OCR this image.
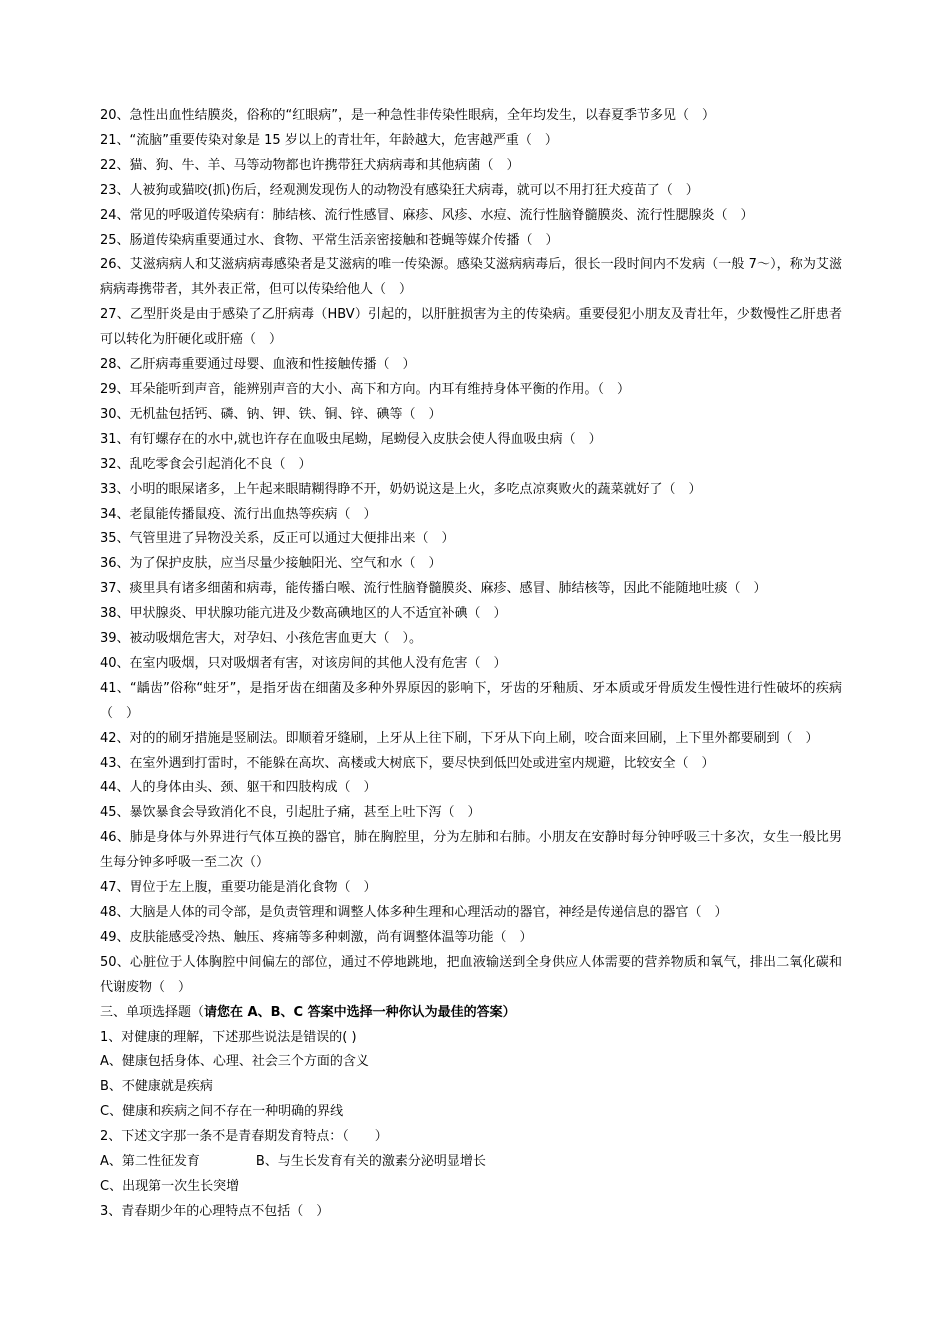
20、急性出血性结膜炎，俗称的“红眼病”，是一种急性非传染性眼病，全年均发生，以春夏季节多见（　）
21、“流脑”重要传染对象是 15 岁以上的青壮年，年龄越大，危害越严重（　）
22、猫、狗、牛、羊、马等动物都也许携带狂犬病病毒和其他病菌（　）
23、人被狗或猫咬(抓)伤后，经观测发现伤人的动物没有感染狂犬病毒，就可以不用打狂犬疫苗了（　）
24、常见的呼吸道传染病有：肺结核、流行性感冒、麻疹、风疹、水痘、流行性脑脊髓膜炎、流行性腮腺炎（　）
25、肠道传染病重要通过水、食物、平常生活亲密接触和苍蝇等媒介传播（　）
26、艾滋病病人和艾滋病病毒感染者是艾滋病的唯一传染源。感染艾滋病病毒后，很长一段时间内不发病（一般 7～），称为艾滋病病毒携带者，其外表正常，但可以传染给他人（　）
27、乙型肝炎是由于感染了乙肝病毒（HBV）引起的，以肝脏损害为主的传染病。重要侵犯小朋友及青壮年，少数慢性乙肝患者可以转化为肝硬化或肝癌（　）
28、乙肝病毒重要通过母婴、血液和性接触传播（　）
29、耳朵能听到声音，能辨别声音的大小、高下和方向。内耳有维持身体平衡的作用。（　）
30、无机盐包括钙、磷、钠、钾、铁、铜、锌、碘等（　）
31、有钉螺存在的水中,就也许存在血吸虫尾蚴，尾蚴侵入皮肤会使人得血吸虫病（　）
32、乱吃零食会引起消化不良（　）
33、小明的眼屎诸多，上午起来眼睛糊得睁不开，奶奶说这是上火，多吃点凉爽败火的蔬菜就好了（　）
34、老鼠能传播鼠疫、流行出血热等疾病（　）
35、气管里进了异物没关系，反正可以通过大便排出来（　）
36、为了保护皮肤，应当尽量少接触阳光、空气和水（　）
37、痰里具有诸多细菌和病毒，能传播白喉、流行性脑脊髓膜炎、麻疹、感冒、肺结核等，因此不能随地吐痰（　）
38、甲状腺炎、甲状腺功能亢进及少数高碘地区的人不适宜补碘（　）
39、被动吸烟危害大，对孕妇、小孩危害血更大（　）。
40、在室内吸烟，只对吸烟者有害，对该房间的其他人没有危害（　）
41、“龋齿”俗称“蛀牙”，是指牙齿在细菌及多种外界原因的影响下，牙齿的牙釉质、牙本质或牙骨质发生慢性进行性破坏的疾病（　）
42、对的的刷牙措施是竖刷法。即顺着牙缝刷，上牙从上往下刷，下牙从下向上刷，咬合面来回刷，上下里外都要刷到（　）
43、在室外遇到打雷时，不能躲在高坎、高楼或大树底下，要尽快到低凹处或进室内规避，比较安全（　）
44、人的身体由头、颈、躯干和四肢构成（　）
45、暴饮暴食会导致消化不良，引起肚子痛，甚至上吐下泻（　）
46、肺是身体与外界进行气体互换的器官，肺在胸腔里，分为左肺和右肺。小朋友在安静时每分钟呼吸三十多次，女生一般比男生每分钟多呼吸一至二次（）
47、胃位于左上腹，重要功能是消化食物（　）
48、大脑是人体的司令部，是负责管理和调整人体多种生理和心理活动的器官，神经是传递信息的器官（　）
49、皮肤能感受冷热、触压、疼痛等多种刺激，尚有调整体温等功能（　）
50、心脏位于人体胸腔中间偏左的部位，通过不停地跳地，把血液输送到全身供应人体需要的营养物质和氧气，排出二氧化碳和代谢废物（　）
三、单项选择题（请您在 A、B、C 答案中选择一种你认为最佳的答案）
1、对健康的理解，下述那些说法是错误的( )
A、健康包括身体、心理、社会三个方面的含义
B、不健康就是疾病
C、健康和疾病之间不存在一种明确的界线
2、下述文字那一条不是青春期发育特点：（　　）
A、第二性征发育	B、与生长发育有关的激素分泌明显增长
C、出现第一次生长突增
3、青春期少年的心理特点不包括（　）
